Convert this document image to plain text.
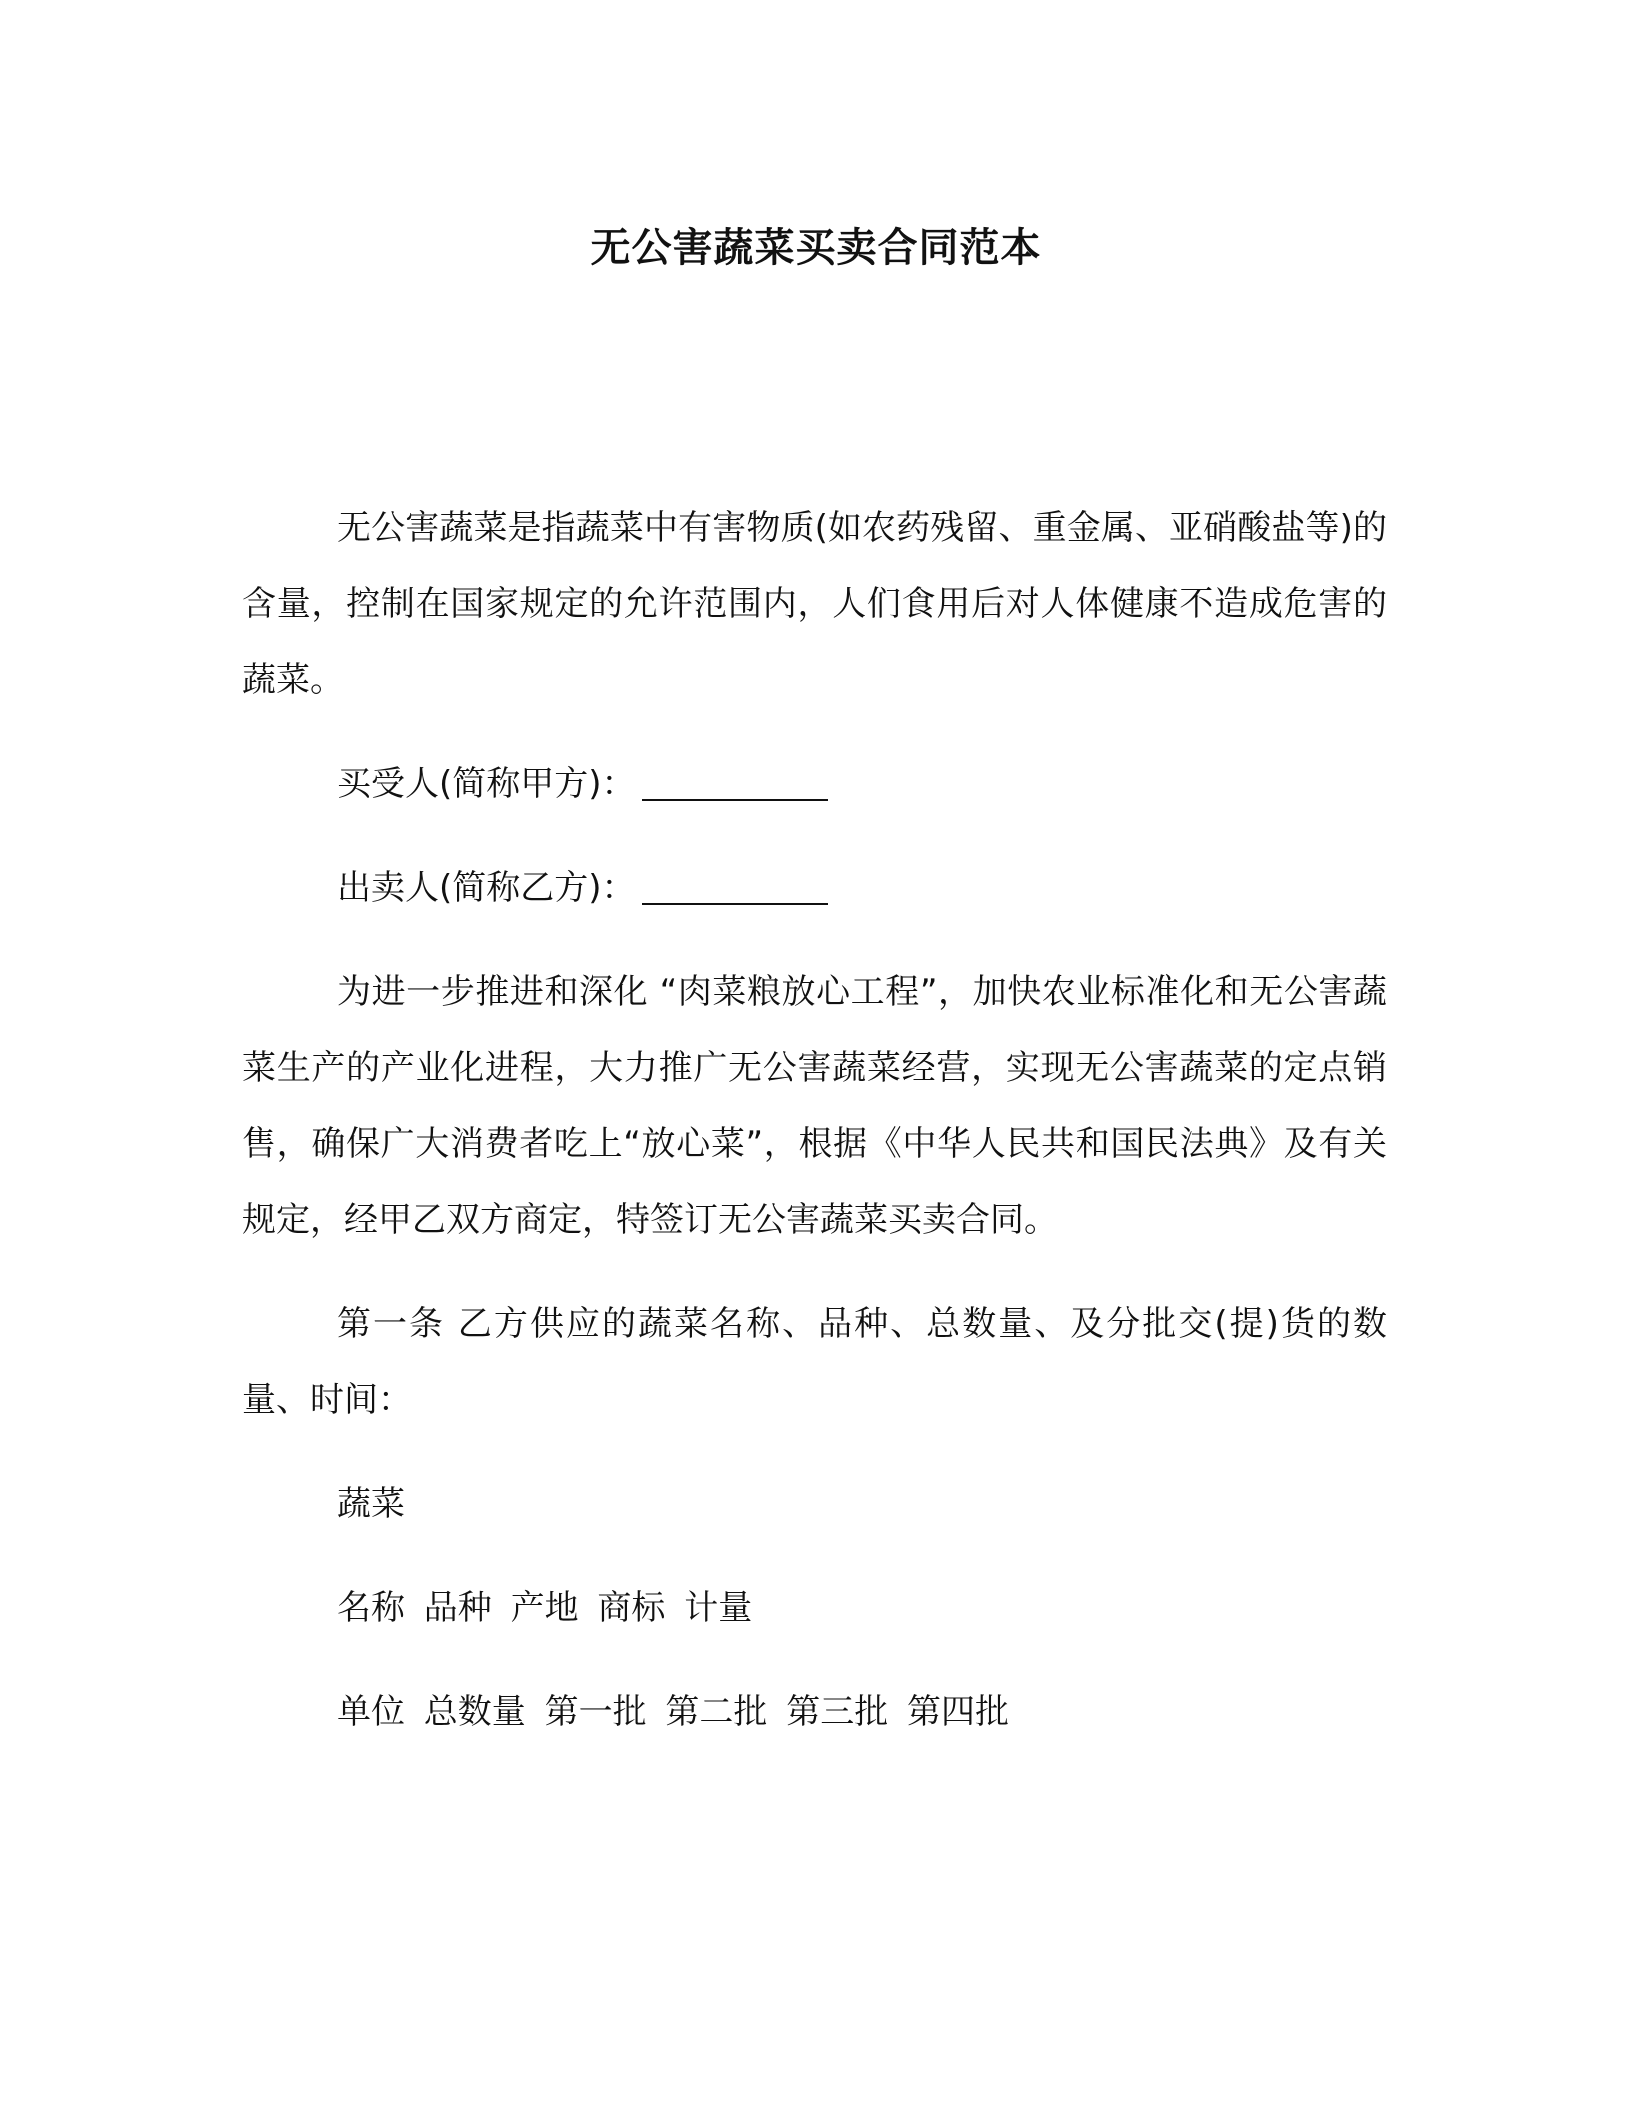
无公害蔬菜买卖合同范本

无公害蔬菜是指蔬菜中有害物质(如农药残留、重金属、亚硝酸盐等)的含量，控制在国家规定的允许范围内，人们食用后对人体健康不造成危害的蔬菜。

买受人(简称甲方)：

出卖人(简称乙方)：

为进一步推进和深化 “肉菜粮放心工程”，加快农业标准化和无公害蔬菜生产的产业化进程，大力推广无公害蔬菜经营，实现无公害蔬菜的定点销售，确保广大消费者吃上“放心菜”，根据《中华人民共和国民法典》及有关规定，经甲乙双方商定，特签订无公害蔬菜买卖合同。

第一条 乙方供应的蔬菜名称、品种、总数量、及分批交(提)货的数量、时间：

蔬菜

名称 品种 产地 商标 计量

单位 总数量 第一批 第二批 第三批 第四批
